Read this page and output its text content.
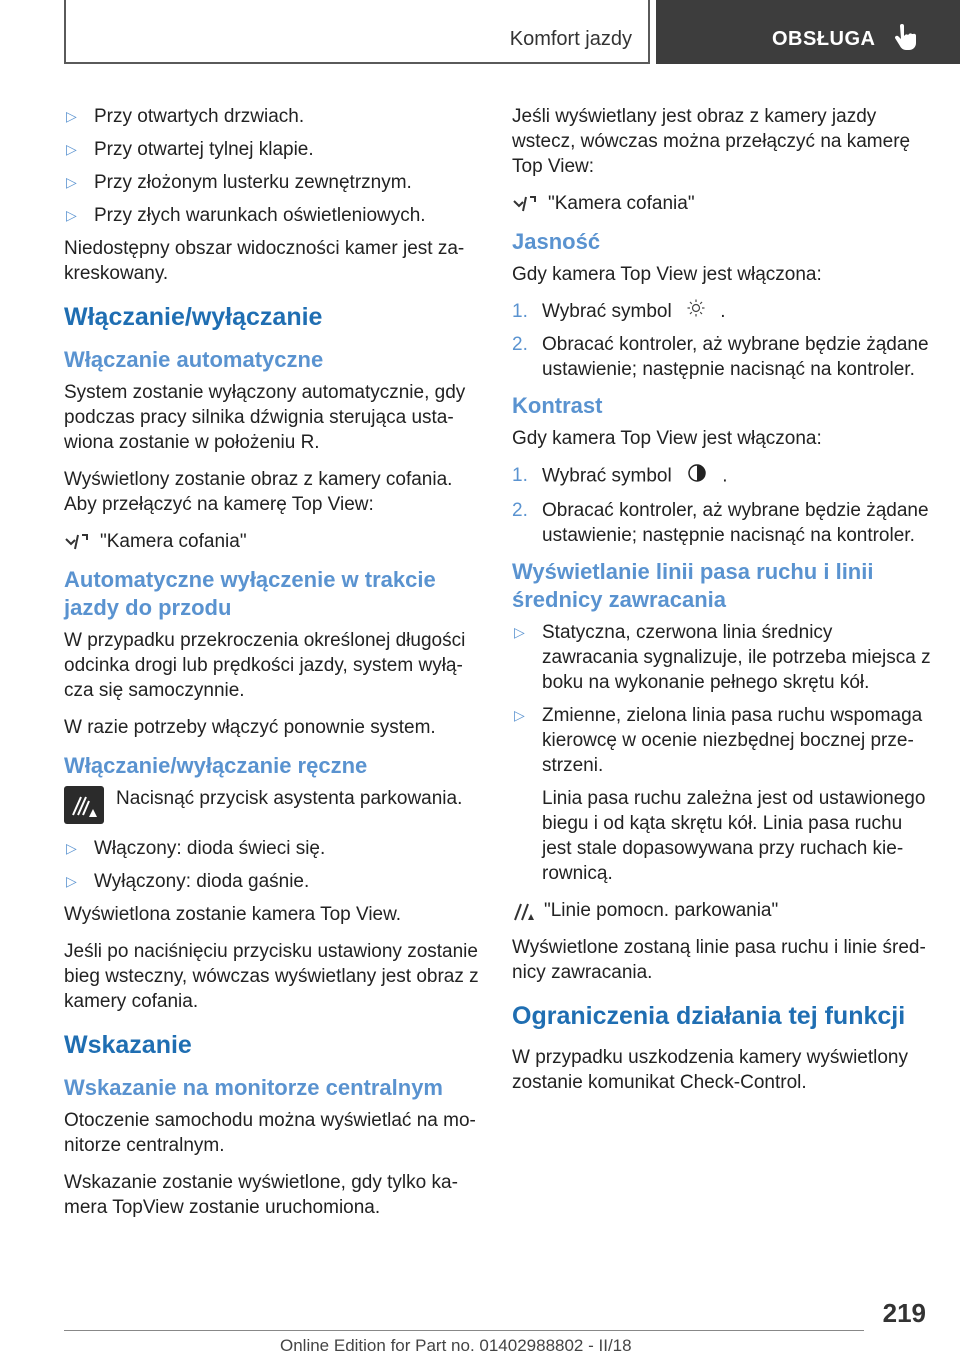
Komfort jazdy	OBSŁUGA
▷ Przy otwartych drzwiach.
▷ Przy otwartej tylnej klapie.
▷ Przy złożonym lusterku zewnętrznym.
▷ Przy złych warunkach oświetleniowych.

Niedostępny obszar widoczności kamer jest zakreskowany.

Włączanie/wyłączanie
Włączanie automatyczne

System zostanie wyłączony automatycznie, gdy podczas pracy silnika dźwignia sterująca ustawiona zostanie w położeniu R.

Wyświetlony zostanie obraz z kamery cofania. Aby przełączyć na kamerę Top View:

"Kamera cofania"
Automatyczne wyłączenie w trakcie jazdy do przodu

W przypadku przekroczenia określonej długości odcinka drogi lub prędkości jazdy, system wyłącza się samoczynnie.

W razie potrzeby włączyć ponownie system.

Włączanie/wyłączanie ręczne

Nacisnąć przycisk asystenta parkowania.

▷ Włączony: dioda świeci się.
▷ Wyłączony: dioda gaśnie.

Wyświetlona zostanie kamera Top View.

Jeśli po naciśnięciu przycisku ustawiony zostanie bieg wsteczny, wówczas wyświetlany jest obraz z kamery cofania.

Wskazanie
Wskazanie na monitorze centralnym

Otoczenie samochodu można wyświetlać na monitorze centralnym.

Wskazanie zostanie wyświetlone, gdy tylko kamera TopView zostanie uruchomiona.

Jeśli wyświetlany jest obraz z kamery jazdy wstecz, wówczas można przełączyć na kamerę Top View:

"Kamera cofania"
Jasność

Gdy kamera Top View jest włączona:

1. Wybrać symbol	.
2. Obracać kontroler, aż wybrane będzie żądane ustawienie; następnie nacisnąć na kontroler.
Kontrast

Gdy kamera Top View jest włączona:

1. Wybrać symbol	.
2. Obracać kontroler, aż wybrane będzie żądane ustawienie; następnie nacisnąć na kontroler.
Wyświetlanie linii pasa ruchu i linii średnicy zawracania
▷ Statyczna, czerwona linia średnicy zawracania sygnalizuje, ile potrzeba miejsca z boku na wykonanie pełnego skrętu kół.
▷ Zmienne, zielona linia pasa ruchu wspomaga kierowcę w ocenie niezbędnej bocznej przestrzeni.

Linia pasa ruchu zależna jest od ustawionego biegu i od kąta skrętu kół. Linia pasa ruchu jest stale dopasowywana przy ruchach kierownicą.

"Linie pomocn. parkowania"

Wyświetlone zostaną linie pasa ruchu i linie średnicy zawracania.

Ograniczenia działania tej funkcji

W przypadku uszkodzenia kamery wyświetlony zostanie komunikat Check-Control.

219
Online Edition for Part no. 01402988802 - II/18
